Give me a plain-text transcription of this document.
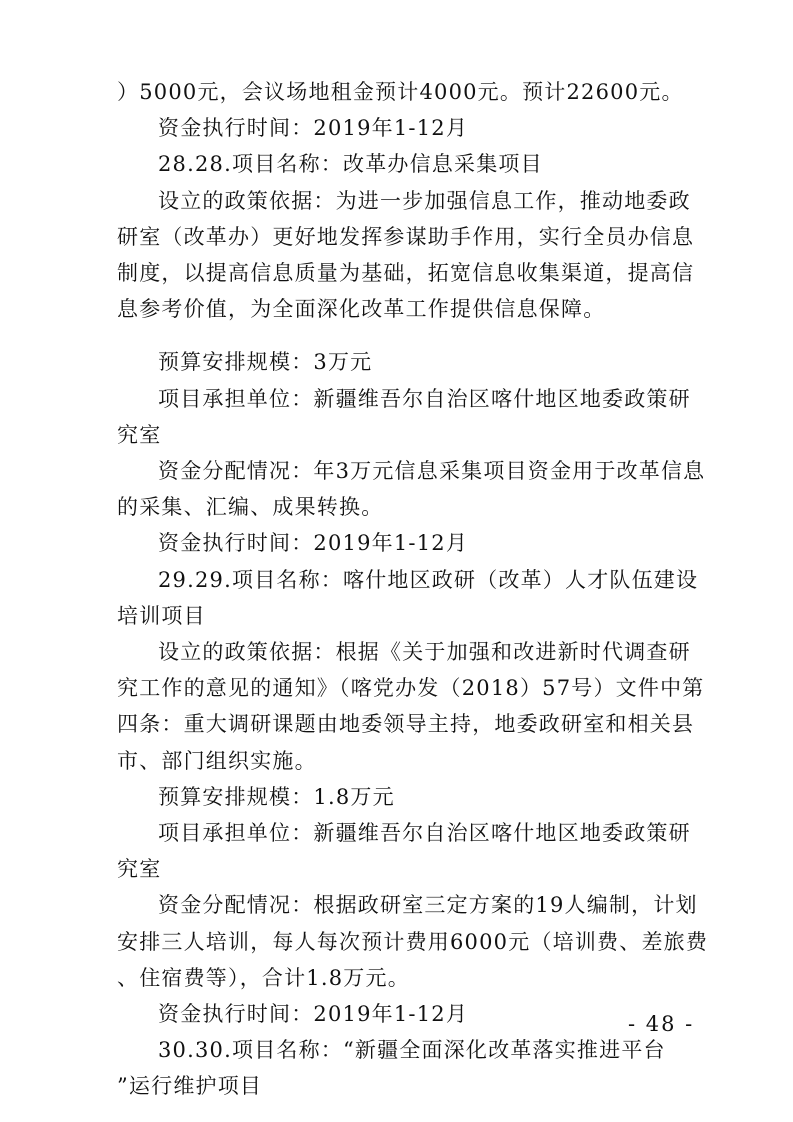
）5000元，会议场地租金预计4000元。预计22600元。
资金执行时间：2019年1-12月
28.28.项目名称：改革办信息采集项目
设立的政策依据：为进一步加强信息工作，推动地委政
研室（改革办）更好地发挥参谋助手作用，实行全员办信息
制度，以提高信息质量为基础，拓宽信息收集渠道，提高信
息参考价值，为全面深化改革工作提供信息保障。
预算安排规模：3万元
项目承担单位：新疆维吾尔自治区喀什地区地委政策研
究室
资金分配情况：年3万元信息采集项目资金用于改革信息
的采集、汇编、成果转换。
资金执行时间：2019年1-12月
29.29.项目名称：喀什地区政研（改革）人才队伍建设
培训项目
设立的政策依据：根据《关于加强和改进新时代调查研
究工作的意见的通知》（喀党办发（2018）57号）文件中第
四条：重大调研课题由地委领导主持，地委政研室和相关县
市、部门组织实施。
预算安排规模：1.8万元
项目承担单位：新疆维吾尔自治区喀什地区地委政策研
究室
资金分配情况：根据政研室三定方案的19人编制，计划
安排三人培训，每人每次预计费用6000元（培训费、差旅费
、住宿费等），合计1.8万元。
- 48 -
资金执行时间：2019年1-12月
30.30.项目名称：“新疆全面深化改革落实推进平台
”运行维护项目
